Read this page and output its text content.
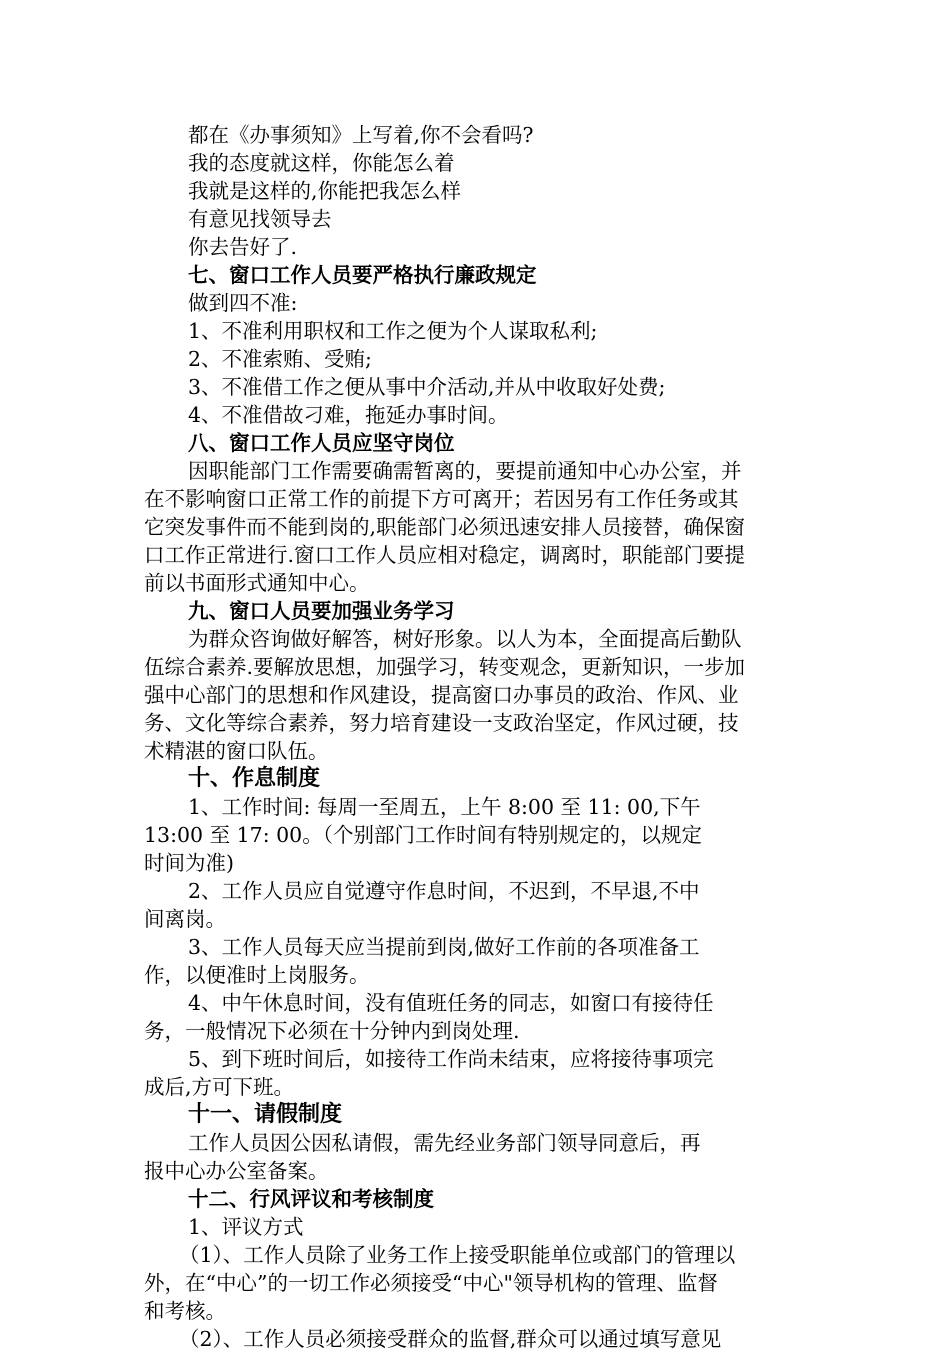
都在《办事须知》上写着,你不会看吗?
我的态度就这样，你能怎么着
我就是这样的,你能把我怎么样
有意见找领导去
你去告好了.
七、窗口工作人员要严格执行廉政规定
做到四不准:
1、不准利用职权和工作之便为个人谋取私利;
2、不准索贿、受贿;
3、不准借工作之便从事中介活动,并从中收取好处费;
4、不准借故刁难，拖延办事时间。
八、窗口工作人员应坚守岗位
因职能部门工作需要确需暂离的，要提前通知中心办公室，并
在不影响窗口正常工作的前提下方可离开；若因另有工作任务或其
它突发事件而不能到岗的,职能部门必须迅速安排人员接替，确保窗
口工作正常进行.窗口工作人员应相对稳定，调离时，职能部门要提
前以书面形式通知中心。
九、窗口人员要加强业务学习
为群众咨询做好解答，树好形象。以人为本，全面提高后勤队
伍综合素养.要解放思想，加强学习，转变观念，更新知识，一步加
强中心部门的思想和作风建设，提高窗口办事员的政治、作风、业
务、文化等综合素养，努力培育建设一支政治坚定，作风过硬，技
术精湛的窗口队伍。
十、作息制度
1、工作时间: 每周一至周五，上午 8:00 至 11: 00,下午
13:00 至 17: 00。（个别部门工作时间有特别规定的，以规定
时间为准)
2、工作人员应自觉遵守作息时间，不迟到，不早退,不中
间离岗。
3、工作人员每天应当提前到岗,做好工作前的各项准备工
作，以便准时上岗服务。
4、中午休息时间，没有值班任务的同志，如窗口有接待任
务，一般情况下必须在十分钟内到岗处理.
5、到下班时间后，如接待工作尚未结束，应将接待事项完
成后,方可下班。
十一、请假制度
工作人员因公因私请假，需先经业务部门领导同意后，再
报中心办公室备案。
十二、行风评议和考核制度
1、评议方式
（1）、工作人员除了业务工作上接受职能单位或部门的管理以
外，在“中心”的一切工作必须接受“中心"领导机构的管理、监督
和考核。
（2）、工作人员必须接受群众的监督,群众可以通过填写意见
